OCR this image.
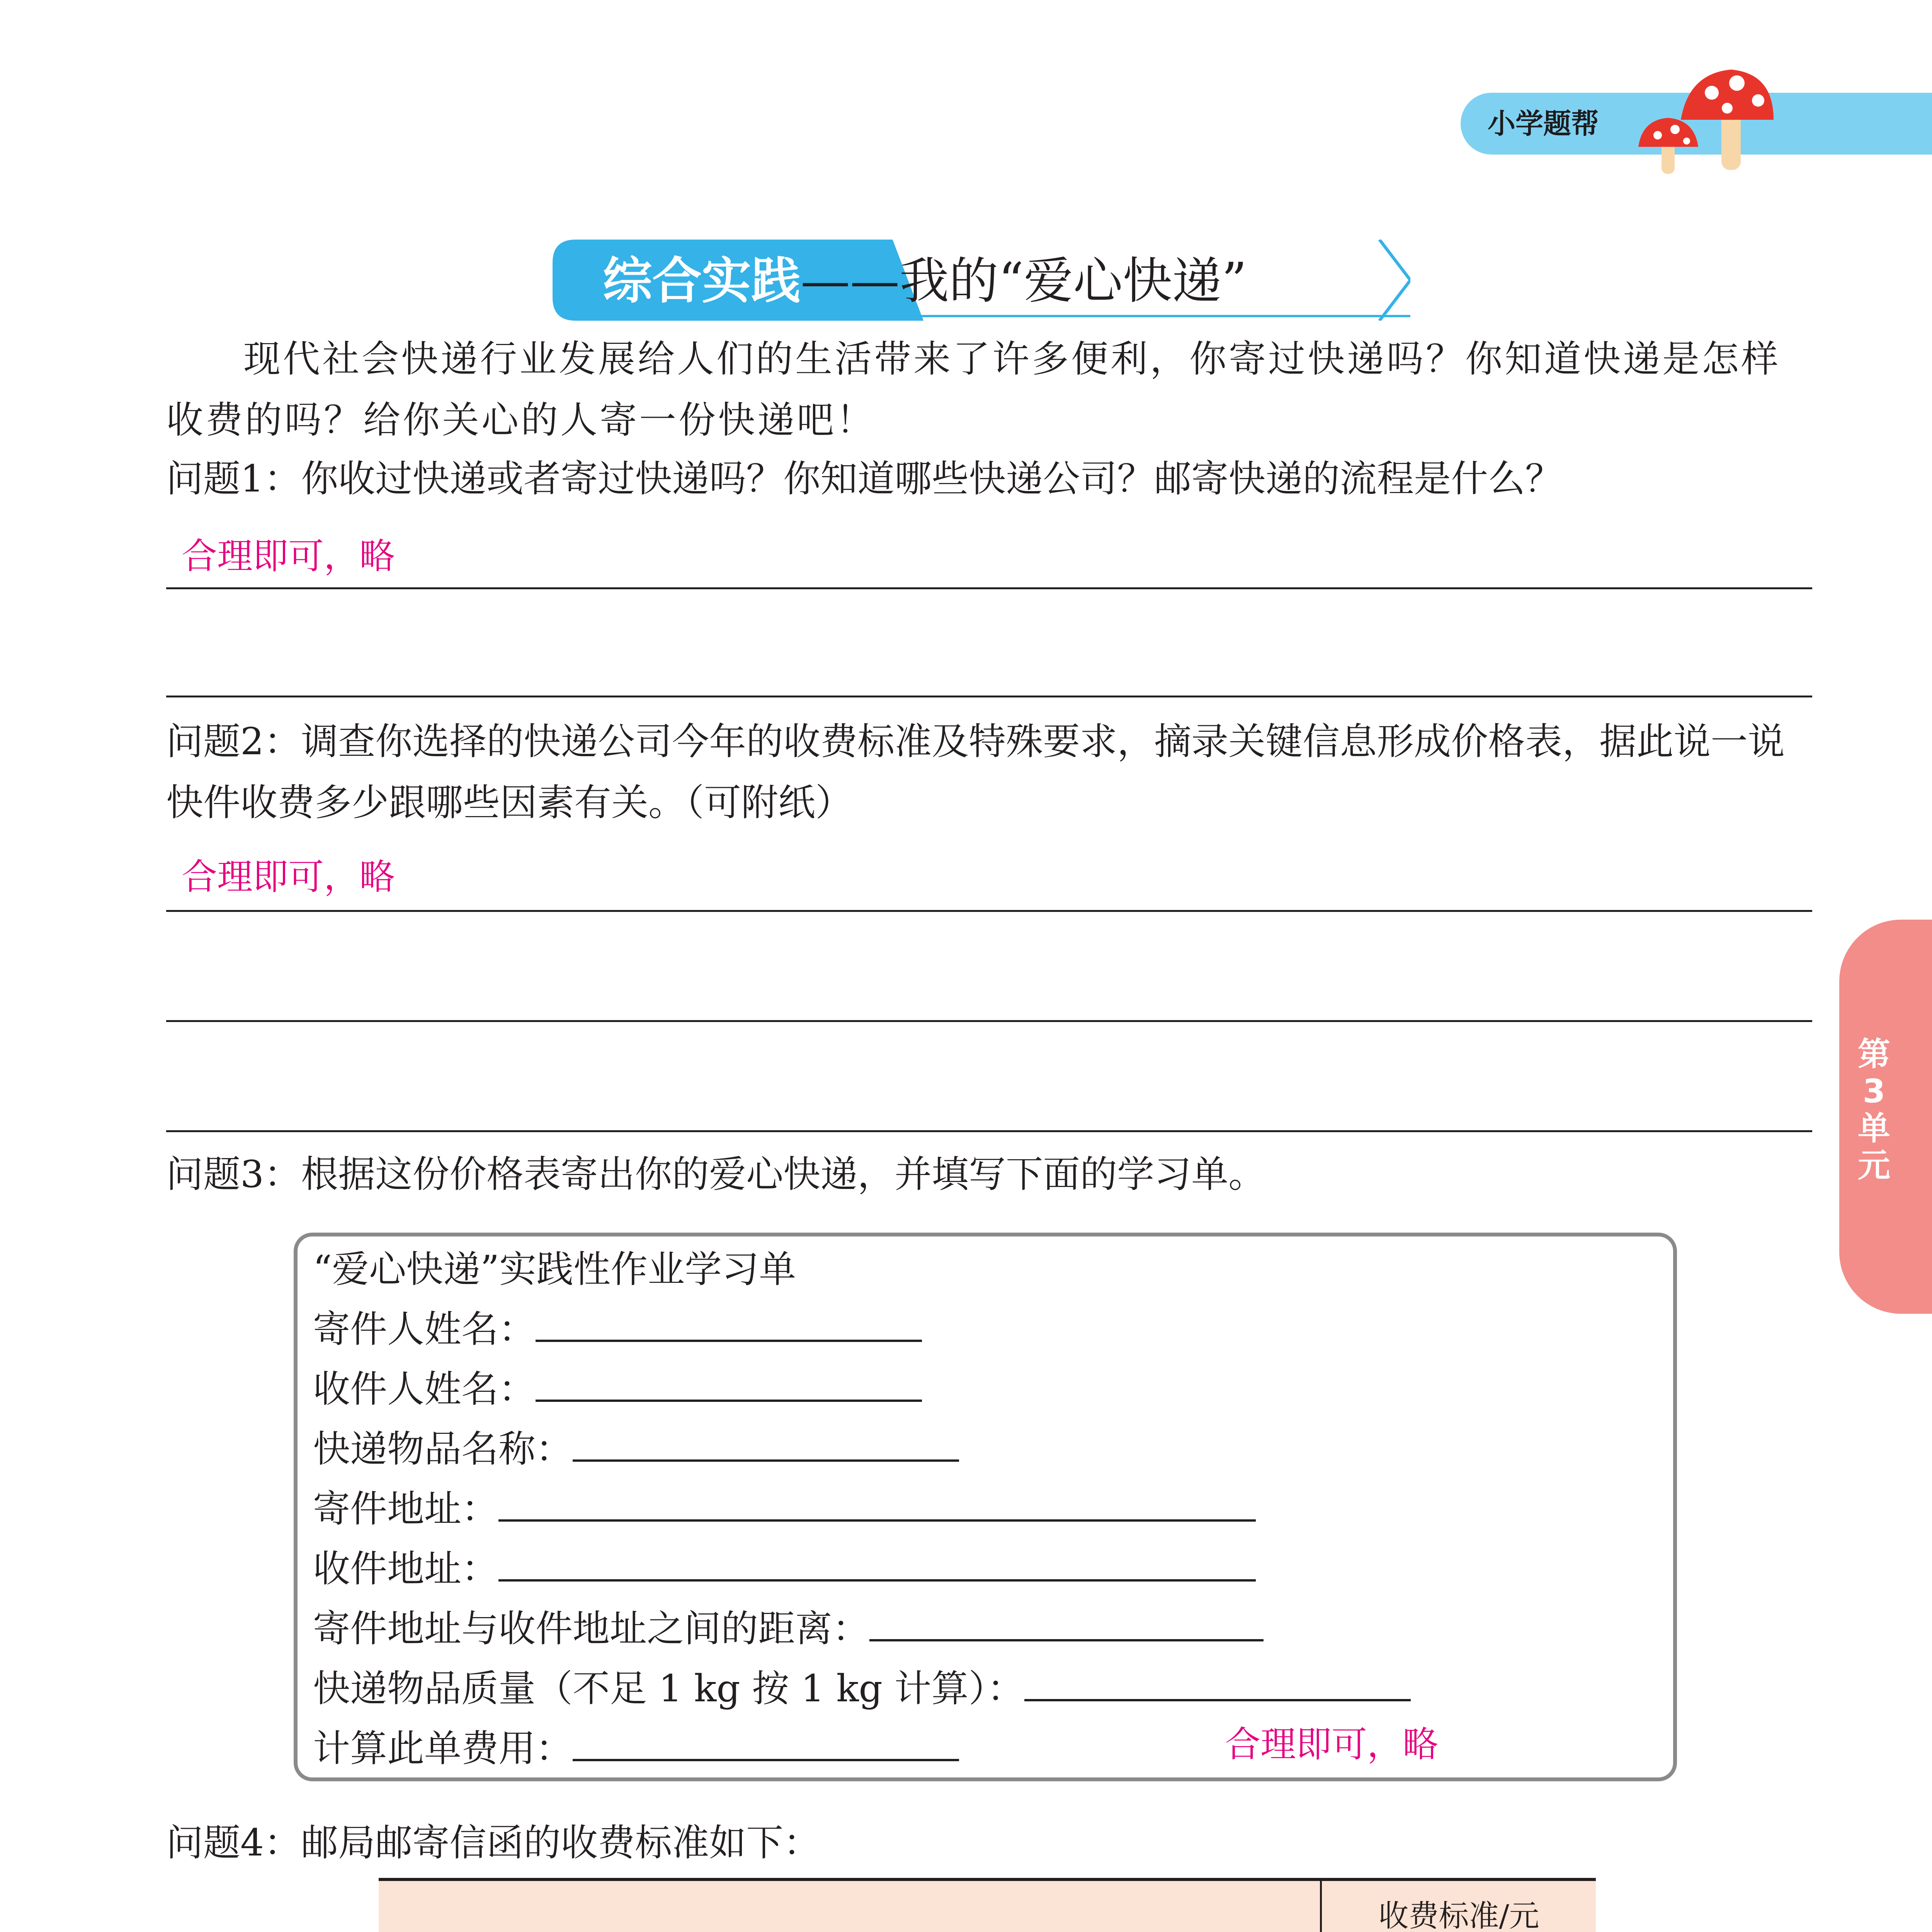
小学题帮
综合实践——我的“爱心快递”
现代社会快递行业发展给人们的生活带来了许多便利，你寄过快递吗？你知道快递是怎样收费的吗？给你关心的人寄一份快递吧！
问题1：你收过快递或者寄过快递吗？你知道哪些快递公司？邮寄快递的流程是什么？
合理即可，略
问题2：调查你选择的快递公司今年的收费标准及特殊要求，摘录关键信息形成价格表，据此说一说快件收费多少跟哪些因素有关。（可附纸）
合理即可，略
第
3
单
元
问题3：根据这份价格表寄出你的爱心快递，并填写下面的学习单。
“爱心快递”实践性作业学习单
寄件人姓名：
收件人姓名：
快递物品名称：
寄件地址：
收件地址：
寄件地址与收件地址之间的距离：
快递物品质量（不足 1 kg 按 1 kg 计算）：
计算此单费用：	合理即可，略
问题4：邮局邮寄信函的收费标准如下：
	收费标准/元	
